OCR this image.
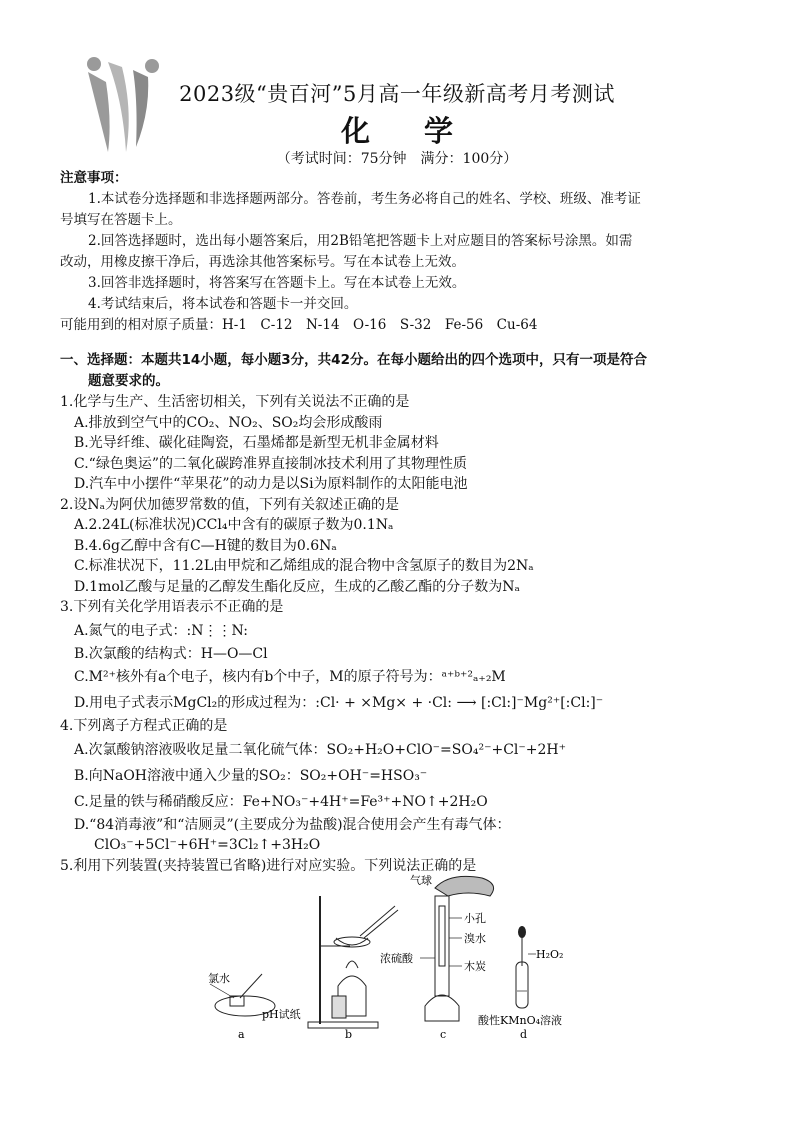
2023级“贵百河”5月高一年级新高考月考测试
化 学
（考试时间：75分钟　满分：100分）
注意事项：
1.本试卷分选择题和非选择题两部分。答卷前，考生务必将自己的姓名、学校、班级、准考证
号填写在答题卡上。
2.回答选择题时，选出每小题答案后，用2B铅笔把答题卡上对应题目的答案标号涂黑。如需
改动，用橡皮擦干净后，再选涂其他答案标号。写在本试卷上无效。
3.回答非选择题时，将答案写在答题卡上。写在本试卷上无效。
4.考试结束后，将本试卷和答题卡一并交回。
可能用到的相对原子质量：H-1　C-12　N-14　O-16　S-32　Fe-56　Cu-64
一、选择题：本题共14小题，每小题3分，共42分。在每小题给出的四个选项中，只有一项是符合
题意要求的。
1.化学与生产、生活密切相关，下列有关说法不正确的是
A.排放到空气中的CO₂、NO₂、SO₂均会形成酸雨
B.光导纤维、碳化硅陶瓷，石墨烯都是新型无机非金属材料
C.“绿色奥运”的二氧化碳跨准界直接制冰技术利用了其物理性质
D.汽车中小摆件“苹果花”的动力是以Si为原料制作的太阳能电池
2.设Nₐ为阿伏加德罗常数的值，下列有关叙述正确的是
A.2.24L(标准状况)CCl₄中含有的碳原子数为0.1Nₐ
B.4.6g乙醇中含有C—H键的数目为0.6Nₐ
C.标准状况下，11.2L由甲烷和乙烯组成的混合物中含氢原子的数目为2Nₐ
D.1mol乙酸与足量的乙醇发生酯化反应，生成的乙酸乙酯的分子数为Nₐ
3.下列有关化学用语表示不正确的是
A.氮气的电子式：:N⋮⋮N:
B.次氯酸的结构式：H—O—Cl
C.M²⁺核外有a个电子，核内有b个中子，M的原子符号为：ᵃ⁺ᵇ⁺²ₐ₊₂M
D.用电子式表示MgCl₂的形成过程为：:Cl· + ×Mg× + ·Cl: ⟶ [:Cl:]⁻Mg²⁺[:Cl:]⁻
4.下列离子方程式正确的是
A.次氯酸钠溶液吸收足量二氧化硫气体：SO₂+H₂O+ClO⁻=SO₄²⁻+Cl⁻+2H⁺
B.向NaOH溶液中通入少量的SO₂：SO₂+OH⁻=HSO₃⁻
C.足量的铁与稀硝酸反应：Fe+NO₃⁻+4H⁺=Fe³⁺+NO↑+2H₂O
D.“84消毒液”和“洁厕灵”(主要成分为盐酸)混合使用会产生有毒气体：
ClO₃⁻+5Cl⁻+6H⁺=3Cl₂↑+3H₂O
5.利用下列装置(夹持装置已省略)进行对应实验。下列说法正确的是
氯水
pH试纸
a	b
气球
小孔
溴水
浓硫酸
木炭
c
H₂O₂
酸性KMnO₄溶液
d
